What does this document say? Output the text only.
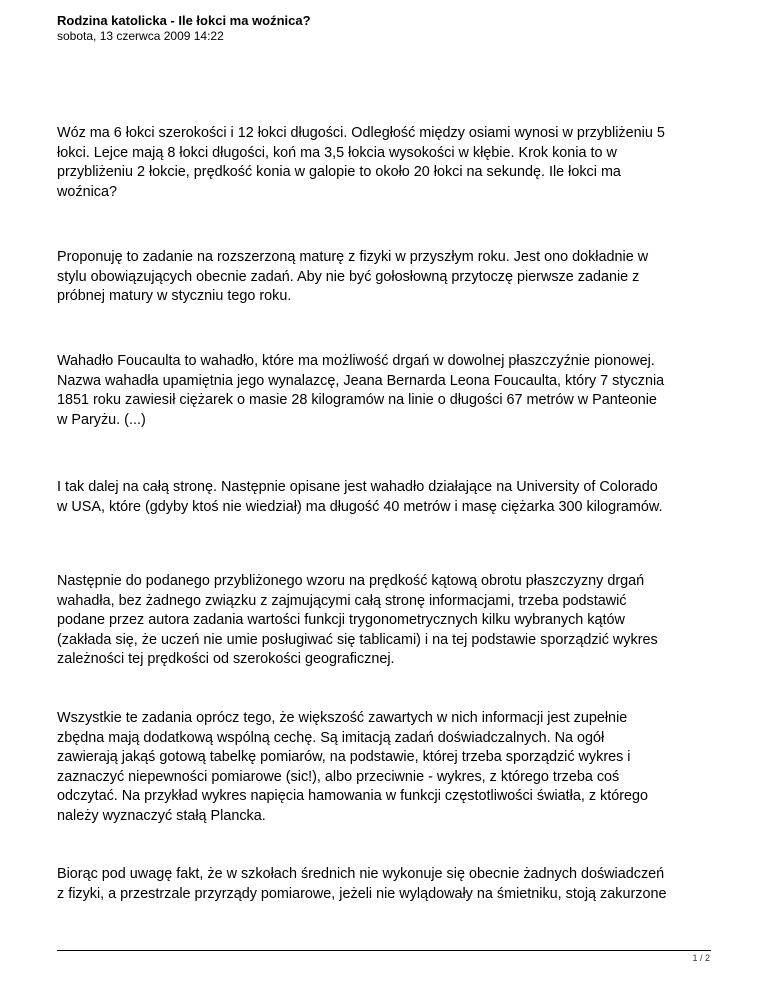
Rodzina katolicka - Ile łokci ma woźnica?

sobota, 13 czerwca 2009 14:22

Wóz ma 6 łokci szerokości i 12 łokci długości. Odległość między osiami wynosi w przybliżeniu 5
łokci. Lejce mają 8 łokci długości, koń ma 3,5 łokcia wysokości w kłębie. Krok konia to w
przybliżeniu 2 łokcie, prędkość konia w galopie to około 20 łokci na sekundę. Ile łokci ma
woźnica?

Proponuję to zadanie na rozszerzoną maturę z fizyki w przyszłym roku. Jest ono dokładnie w
stylu obowiązujących obecnie zadań. Aby nie być gołosłowną przytoczę pierwsze zadanie z
próbnej matury w styczniu tego roku.

Wahadło Foucaulta to wahadło, które ma możliwość drgań w dowolnej płaszczyźnie pionowej.
Nazwa wahadła upamiętnia jego wynalazcę, Jeana Bernarda Leona Foucaulta, który 7 stycznia
1851 roku zawiesił ciężarek o masie 28 kilogramów na linie o długości 67 metrów w Panteonie
w Paryżu. (...)

I tak dalej na całą stronę. Następnie opisane jest wahadło działające na University of Colorado
w USA, które (gdyby ktoś nie wiedział) ma długość 40 metrów i masę ciężarka 300 kilogramów.

Następnie do podanego przybliżonego wzoru na prędkość kątową obrotu płaszczyzny drgań
wahadła, bez żadnego związku z zajmującymi całą stronę informacjami, trzeba podstawić
podane przez autora zadania wartości funkcji trygonometrycznych kilku wybranych kątów
(zakłada się, że uczeń nie umie posługiwać się tablicami) i na tej podstawie sporządzić wykres
zależności tej prędkości od szerokości geograficznej.

Wszystkie te zadania oprócz tego, że większość zawartych w nich informacji jest zupełnie
zbędna mają dodatkową wspólną cechę. Są imitacją zadań doświadczalnych. Na ogół
zawierają jakąś gotową tabelkę pomiarów, na podstawie, której trzeba sporządzić wykres i
zaznaczyć niepewności pomiarowe (sic!), albo przeciwnie - wykres, z którego trzeba coś
odczytać. Na przykład wykres napięcia hamowania w funkcji częstotliwości światła, z którego
należy wyznaczyć stałą Plancka.

Biorąc pod uwagę fakt, że w szkołach średnich nie wykonuje się obecnie żadnych doświadczeń
z fizyki, a przestrzale przyrządy pomiarowe, jeżeli nie wylądowały na śmietniku, stoją zakurzone

1 / 2
